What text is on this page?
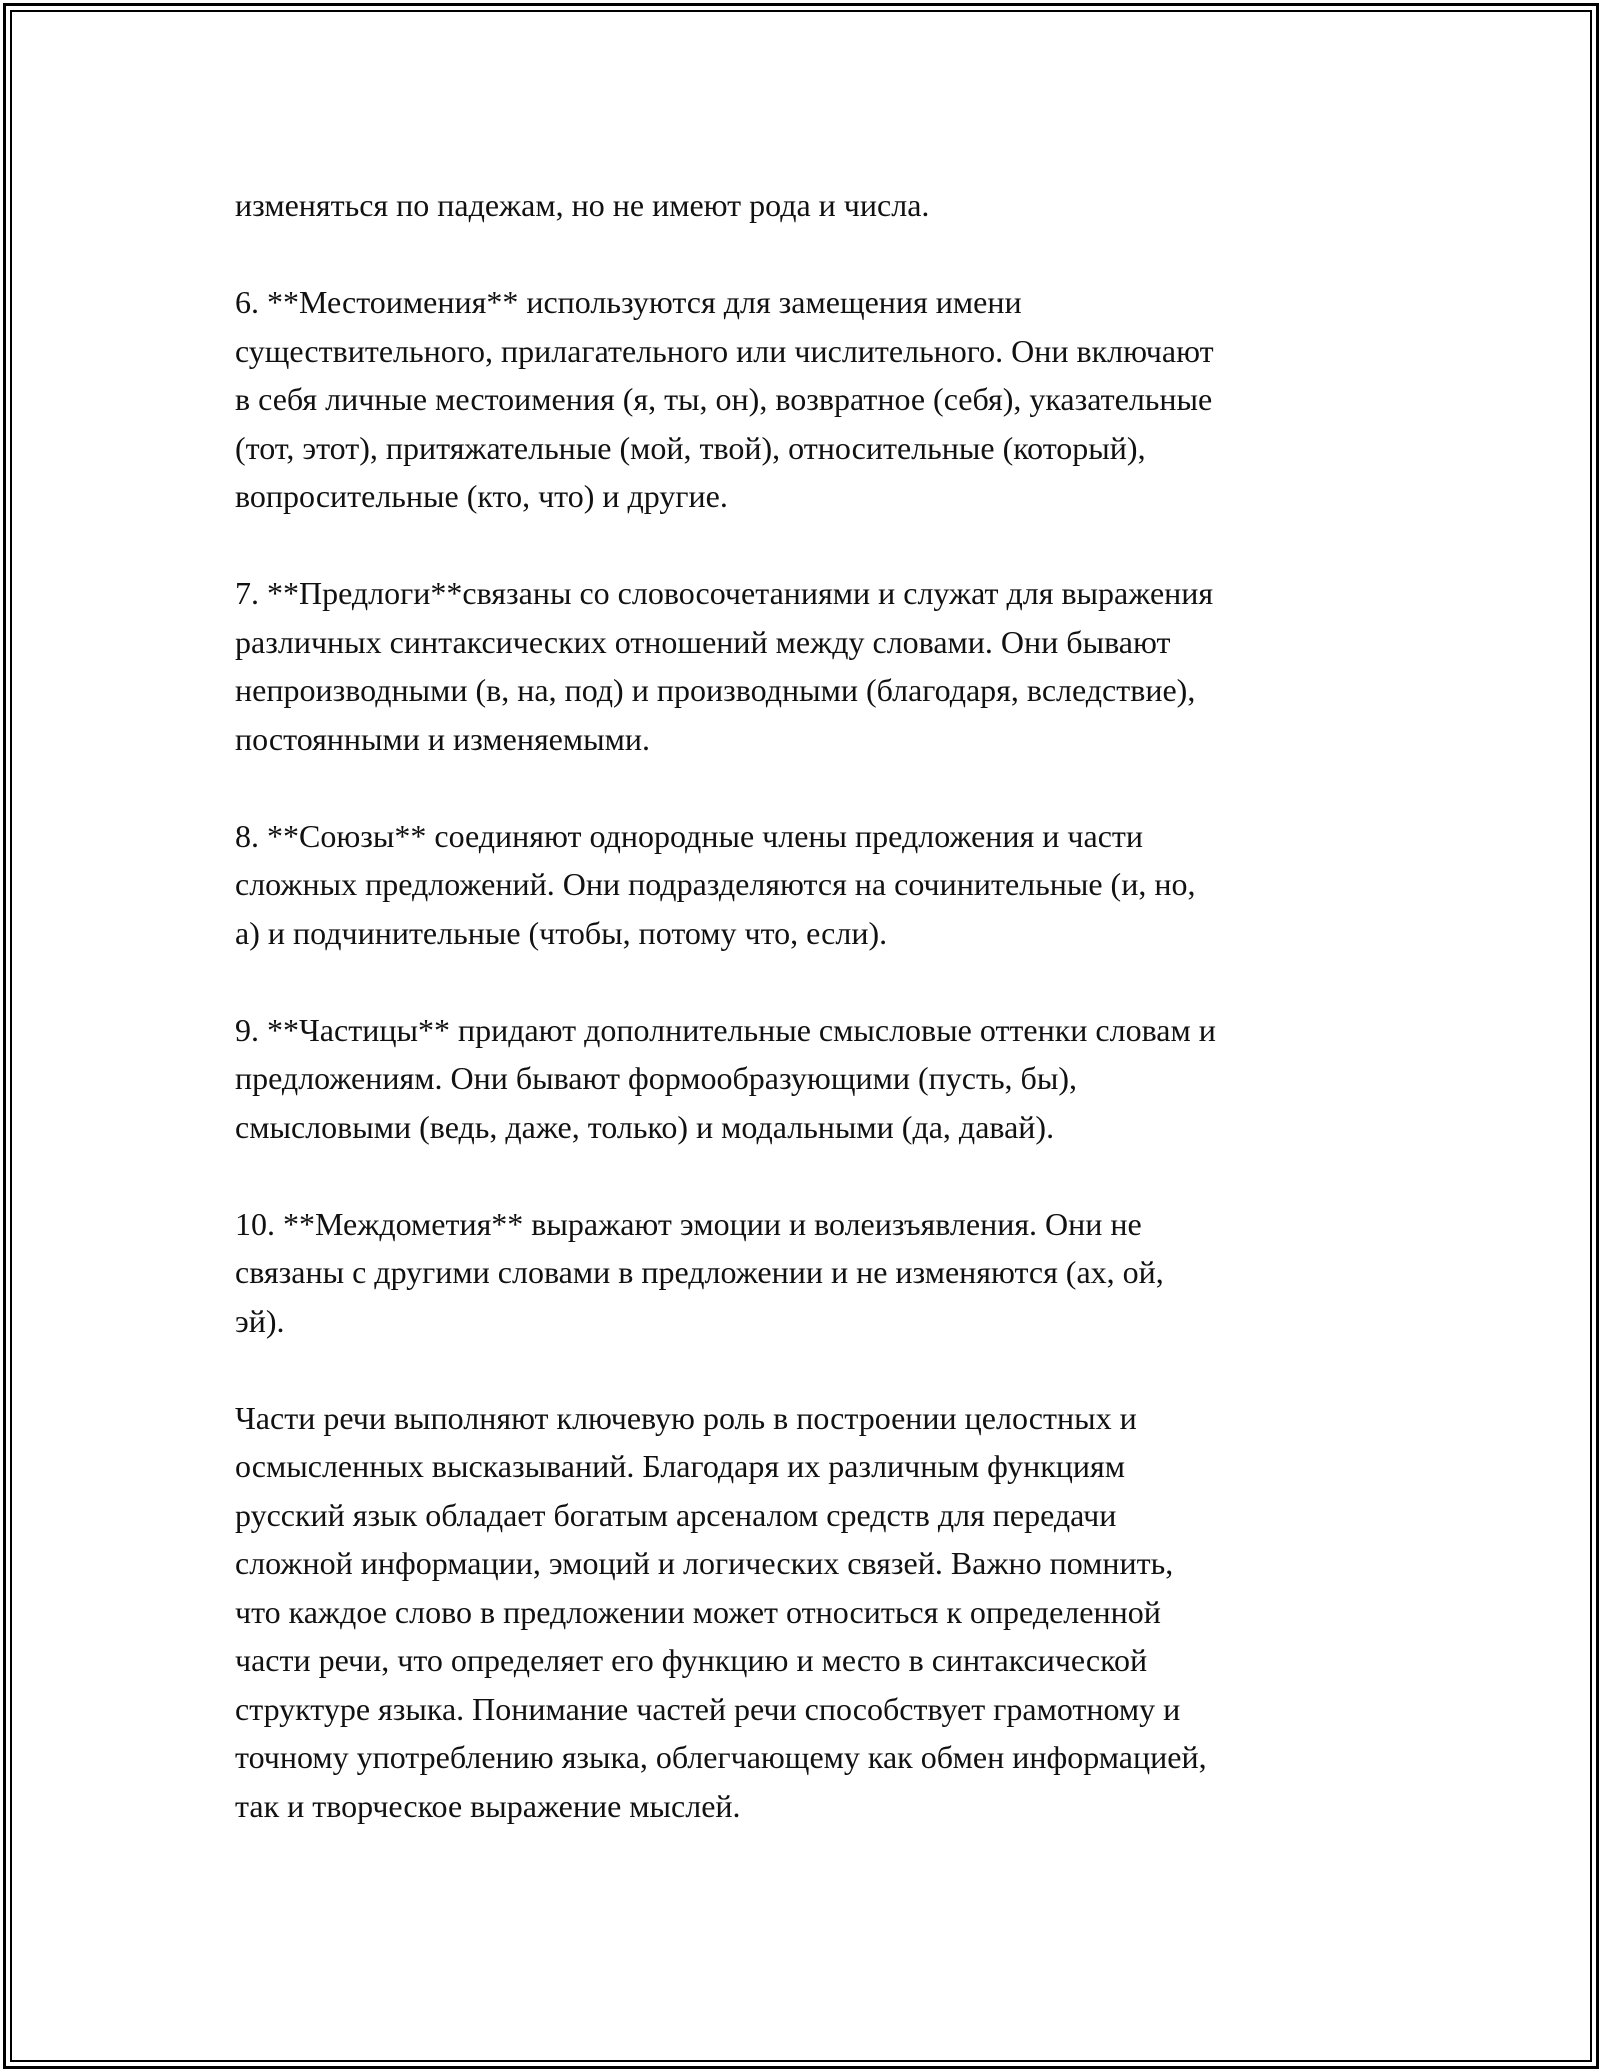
изменяться по падежам, но не имеют рода и числа.

6. **Местоимения** используются для замещения имени
существительного, прилагательного или числительного. Они включают
в себя личные местоимения (я, ты, он), возвратное (себя), указательные
(тот, этот), притяжательные (мой, твой), относительные (который),
вопросительные (кто, что) и другие.

7. **Предлоги**связаны со словосочетаниями и служат для выражения
различных синтаксических отношений между словами. Они бывают
непроизводными (в, на, под) и производными (благодаря, вследствие),
постоянными и изменяемыми.

8. **Союзы** соединяют однородные члены предложения и части
сложных предложений. Они подразделяются на сочинительные (и, но,
а) и подчинительные (чтобы, потому что, если).

9. **Частицы** придают дополнительные смысловые оттенки словам и
предложениям. Они бывают формообразующими (пусть, бы),
смысловыми (ведь, даже, только) и модальными (да, давай).

10. **Междометия** выражают эмоции и волеизъявления. Они не
связаны с другими словами в предложении и не изменяются (ах, ой,
эй).

Части речи выполняют ключевую роль в построении целостных и
осмысленных высказываний. Благодаря их различным функциям
русский язык обладает богатым арсеналом средств для передачи
сложной информации, эмоций и логических связей. Важно помнить,
что каждое слово в предложении может относиться к определенной
части речи, что определяет его функцию и место в синтаксической
структуре языка. Понимание частей речи способствует грамотному и
точному употреблению языка, облегчающему как обмен информацией,
так и творческое выражение мыслей.
